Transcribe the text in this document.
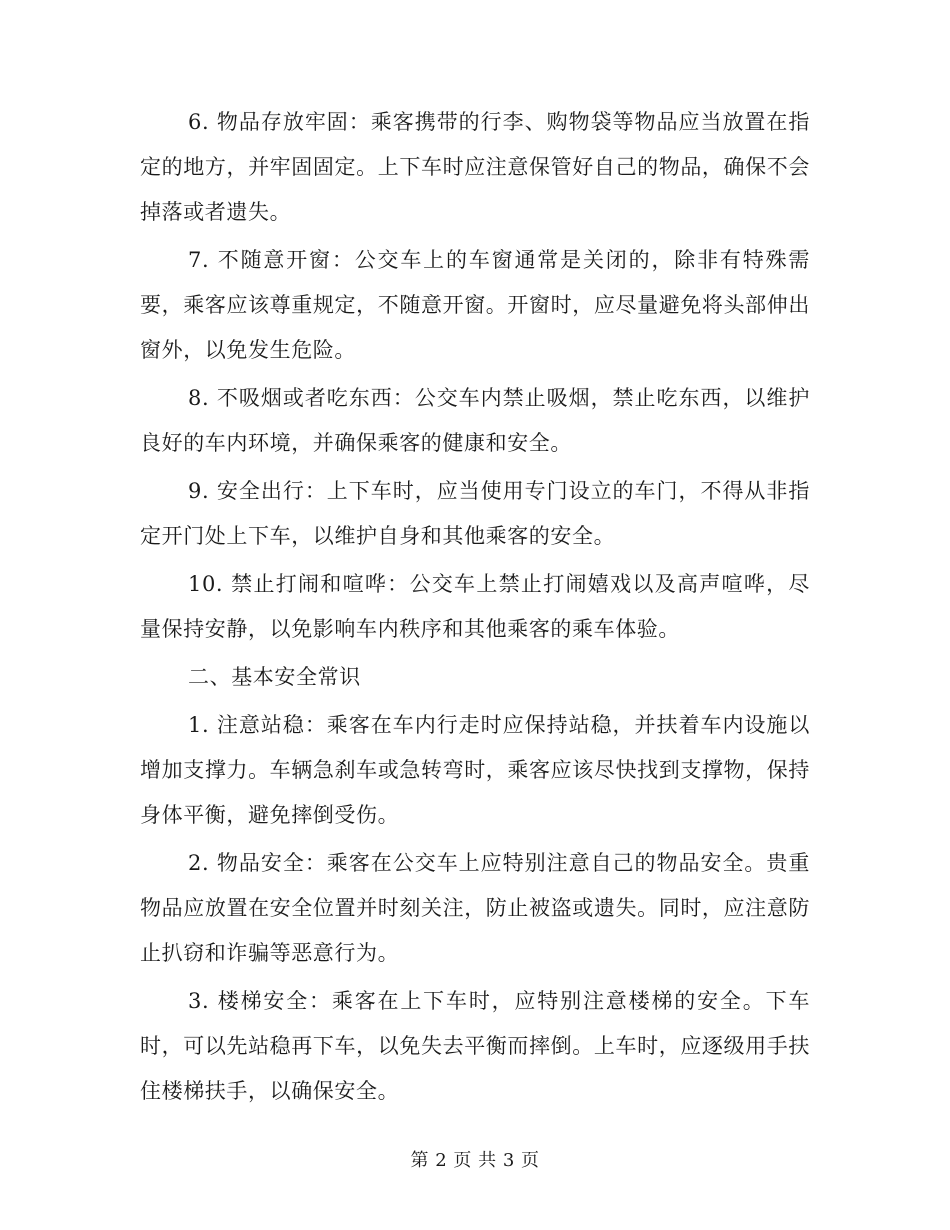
6. 物品存放牢固：乘客携带的行李、购物袋等物品应当放置在指定的地方，并牢固固定。上下车时应注意保管好自己的物品，确保不会掉落或者遗失。

7. 不随意开窗：公交车上的车窗通常是关闭的，除非有特殊需要，乘客应该尊重规定，不随意开窗。开窗时，应尽量避免将头部伸出窗外，以免发生危险。

8. 不吸烟或者吃东西：公交车内禁止吸烟，禁止吃东西，以维护良好的车内环境，并确保乘客的健康和安全。

9. 安全出行：上下车时，应当使用专门设立的车门，不得从非指定开门处上下车，以维护自身和其他乘客的安全。

10. 禁止打闹和喧哗：公交车上禁止打闹嬉戏以及高声喧哗，尽量保持安静，以免影响车内秩序和其他乘客的乘车体验。

二、基本安全常识

1. 注意站稳：乘客在车内行走时应保持站稳，并扶着车内设施以增加支撑力。车辆急刹车或急转弯时，乘客应该尽快找到支撑物，保持身体平衡，避免摔倒受伤。

2. 物品安全：乘客在公交车上应特别注意自己的物品安全。贵重物品应放置在安全位置并时刻关注，防止被盗或遗失。同时，应注意防止扒窃和诈骗等恶意行为。

3. 楼梯安全：乘客在上下车时，应特别注意楼梯的安全。下车时，可以先站稳再下车，以免失去平衡而摔倒。上车时，应逐级用手扶住楼梯扶手，以确保安全。

第 2 页 共 3 页
